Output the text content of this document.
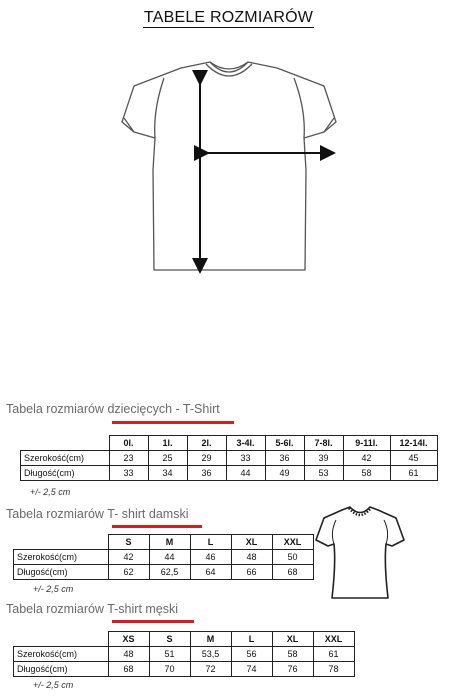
TABELE ROZMIARÓW
Tabela rozmiarów dziecięcych - T-Shirt
	0l.	1l.	2l.	3-4l.	5-6l.	7-8l.	9-11l.	12-14l.
Szerokość(cm)	23	25	29	33	36	39	42	45
Długość(cm)	33	34	36	44	49	53	58	61
+/- 2,5 cm
Tabela rozmiarów T- shirt damski
	S	M	L	XL	XXL
Szerokość(cm)	42	44	46	48	50
Długość(cm)	62	62,5	64	66	68
+/- 2,5 cm
Tabela rozmiarów T-shirt męski
	XS	S	M	L	XL	XXL
Szerokość(cm)	48	51	53,5	56	58	61
Długość(cm)	68	70	72	74	76	78
+/- 2,5 cm
